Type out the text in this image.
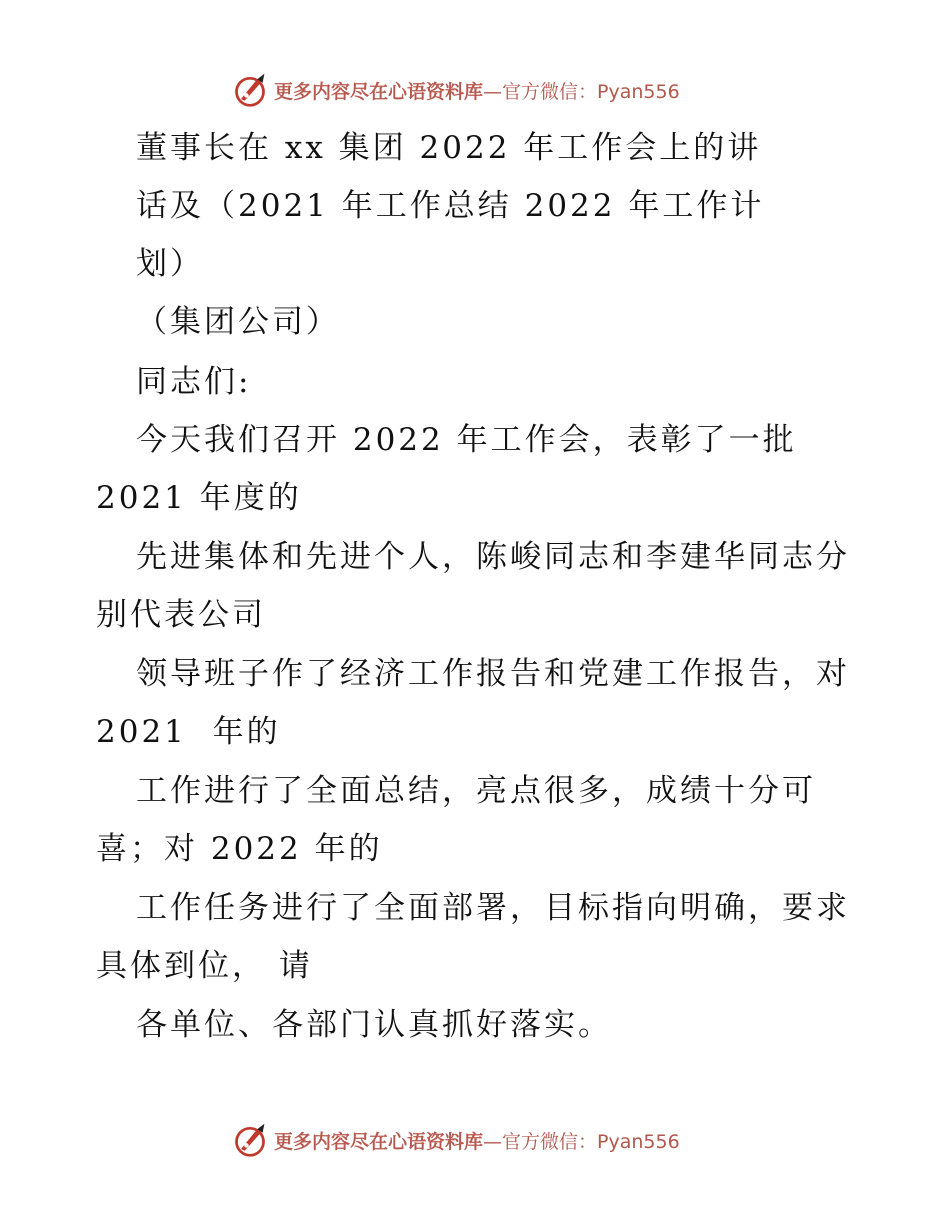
更多内容尽在心语资料库 —官方微信：Pyan556

董事长在 xx 集团 2022 年工作会上的讲

话及（2021 年工作总结 2022 年工作计

划）

（集团公司）

同志们:

今天我们召开 2022 年工作会，表彰了一批

2021 年度的

先进集体和先进个人，陈峻同志和李建华同志分

别代表公司

领导班子作了经济工作报告和党建工作报告，对

2021  年的

工作进行了全面总结，亮点很多，成绩十分可

喜；对 2022 年的

工作任务进行了全面部署，目标指向明确，要求

具体到位， 请

各单位、各部门认真抓好落实。

更多内容尽在心语资料库 —官方微信：Pyan556
